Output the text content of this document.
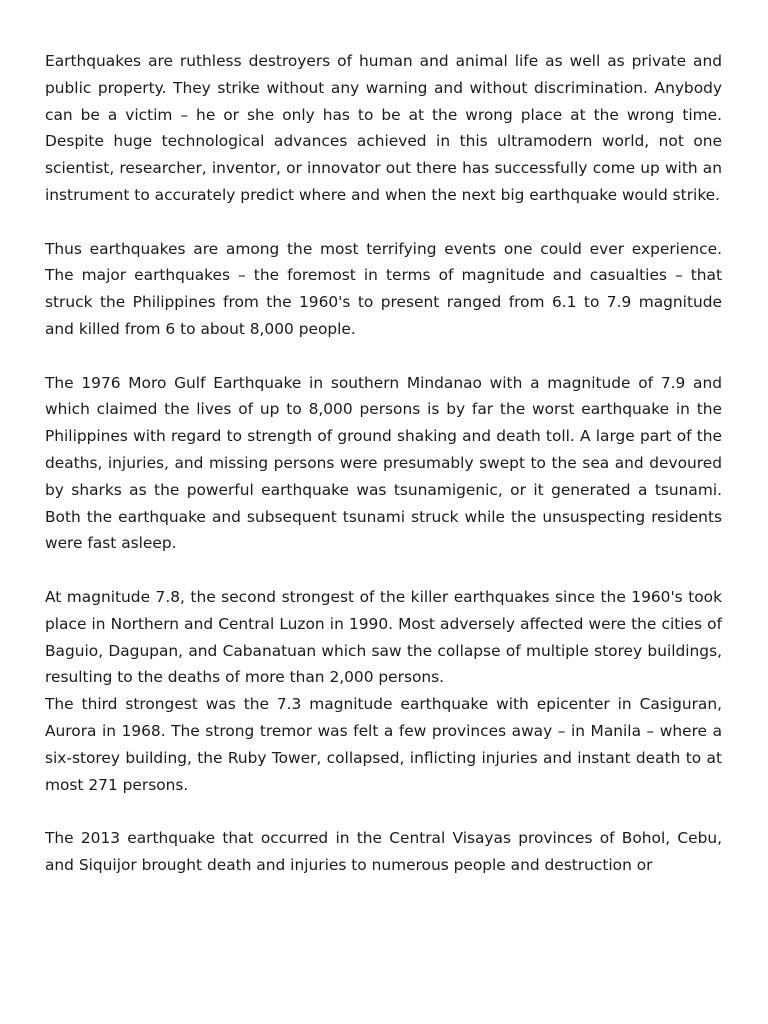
Earthquakes are ruthless destroyers of human and animal life as well as private and public property. They strike without any warning and without discrimination. Anybody can be a victim – he or she only has to be at the wrong place at the wrong time. Despite huge technological advances achieved in this ultramodern world, not one scientist, researcher, inventor, or innovator out there has successfully come up with an instrument to accurately predict where and when the next big earthquake would strike.

Thus earthquakes are among the most terrifying events one could ever experience. The major earthquakes – the foremost in terms of magnitude and casualties – that struck the Philippines from the 1960's to present ranged from 6.1 to 7.9 magnitude and killed from 6 to about 8,000 people.

The 1976 Moro Gulf Earthquake in southern Mindanao with a magnitude of 7.9 and which claimed the lives of up to 8,000 persons is by far the worst earthquake in the Philippines with regard to strength of ground shaking and death toll. A large part of the deaths, injuries, and missing persons were presumably swept to the sea and devoured by sharks as the powerful earthquake was tsunamigenic, or it generated a tsunami. Both the earthquake and subsequent tsunami struck while the unsuspecting residents were fast asleep.

At magnitude 7.8, the second strongest of the killer earthquakes since the 1960's took place in Northern and Central Luzon in 1990. Most adversely affected were the cities of Baguio, Dagupan, and Cabanatuan which saw the collapse of multiple storey buildings, resulting to the deaths of more than 2,000 persons.

The third strongest was the 7.3 magnitude earthquake with epicenter in Casiguran, Aurora in 1968. The strong tremor was felt a few provinces away – in Manila – where a six-storey building, the Ruby Tower, collapsed, inflicting injuries and instant death to at most 271 persons.

The 2013 earthquake that occurred in the Central Visayas provinces of Bohol, Cebu, and Siquijor brought death and injuries to numerous people and destruction or
